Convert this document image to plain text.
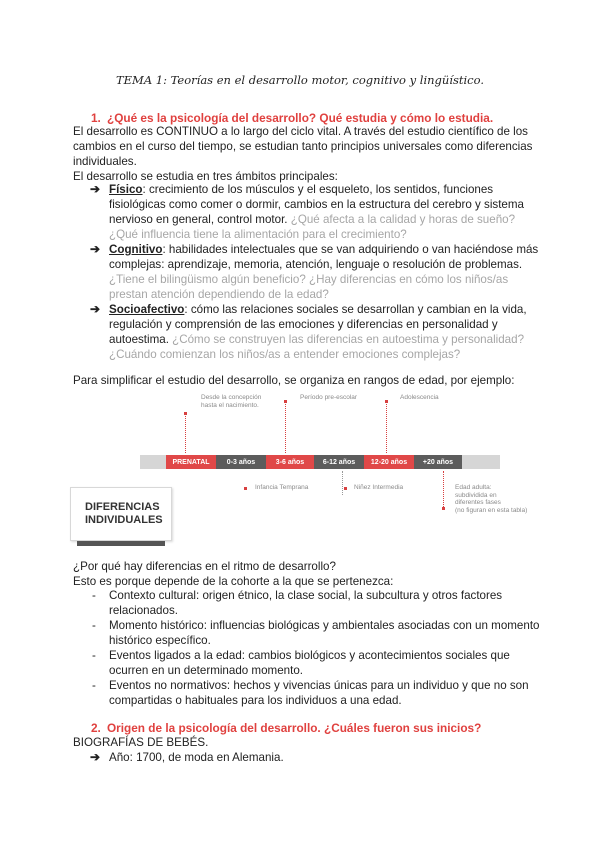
TEMA 1: Teorías en el desarrollo motor, cognitivo y lingüístico.
1. ¿Qué es la psicología del desarrollo? Qué estudia y cómo lo estudia.
El desarrollo es CONTINUO a lo largo del ciclo vital. A través del estudio científico de los
cambios en el curso del tiempo, se estudian tanto principios universales como diferencias
individuales.
El desarrollo se estudia en tres ámbitos principales:
➔ Físico: crecimiento de los músculos y el esqueleto, los sentidos, funciones
fisiológicas como comer o dormir, cambios en la estructura del cerebro y sistema
nervioso en general, control motor. ¿Qué afecta a la calidad y horas de sueño?
¿Qué influencia tiene la alimentación para el crecimiento?
➔ Cognitivo: habilidades intelectuales que se van adquiriendo o van haciéndose más
complejas: aprendizaje, memoria, atención, lenguaje o resolución de problemas.
¿Tiene el bilingüismo algún beneficio? ¿Hay diferencias en cómo los niños/as
prestan atención dependiendo de la edad?
➔ Socioafectivo: cómo las relaciones sociales se desarrollan y cambian en la vida,
regulación y comprensión de las emociones y diferencias en personalidad y
autoestima. ¿Cómo se construyen las diferencias en autoestima y personalidad?
¿Cuándo comienzan los niños/as a entender emociones complejas?
Para simplificar el estudio del desarrollo, se organiza en rangos de edad, por ejemplo:
PRENATAL	0-3 años	3-6 años	6-12 años	12-20 años	+20 años
Desde la concepción
hasta el nacimiento.
Período pre-escolar	Adolescencia
Infancia Temprana	Niñez Intermedia	Edad adulta:
subdividida en
diferentes fases
(no figuran en esta tabla)
DIFERENCIAS
INDIVIDUALES
¿Por qué hay diferencias en el ritmo de desarrollo?
Esto es porque depende de la cohorte a la que se pertenezca:
- Contexto cultural: origen étnico, la clase social, la subcultura y otros factores
relacionados.
- Momento histórico: influencias biológicas y ambientales asociadas con un momento
histórico específico.
- Eventos ligados a la edad: cambios biológicos y acontecimientos sociales que
ocurren en un determinado momento.
- Eventos no normativos: hechos y vivencias únicas para un individuo y que no son
compartidas o habituales para los individuos a una edad.
2. Origen de la psicología del desarrollo. ¿Cuáles fueron sus inicios?
BIOGRAFÍAS DE BEBÉS.
➔ Año: 1700, de moda en Alemania.
